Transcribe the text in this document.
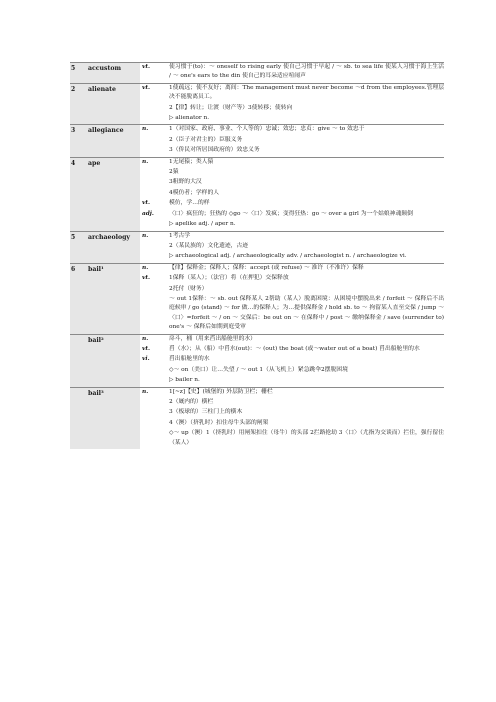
5	accustom	vt.	使习惯于(to)：～ oneself to rising early 使自己习惯于早起 / ～ sb. to sea life 使某人习惯于海上生活 / ～ one's ears to the din 使自己的耳朵适应喧闹声
2	alienate	vt.	1使疏远；使不友好；离间：The management must never become ～d from the employees.管理层决不能脱离员工。
2【律】转让；让渡（财产等）3使转移；使转向
▷ alienator n.
3	allegiance	n.	1（对国家、政府、事业、个人等的）忠诚；效忠；忠贞：give ～ to 效忠于
2（臣子对君主的）臣服义务
3（侨民对所居国政府的）效忠义务
4	ape	n.	1无尾猿；类人猿
2猿
3粗野的大汉
4模仿者；学样的人
vt.	模仿，学…的样
adj.	〈口〉疯狂的；狂热的 ◇go ～〈口〉发疯；变得狂热：go ～ over a girl 为一个姑娘神魂颠倒
▷ apelike adj. / aper n.
5	archaeology	n.	1考古学
2（某民族的）文化遗迹，古迹
▷ archaeological adj. / archaeologically adv. / archaeologist n. / archaeologize vi.
6	bail¹	n.	【律】保释金；保释人；保释：accept (或 refuse) ～ 准许（不准许）保释
vt.	1保释（某人）；（法官）将（在押犯）交保释放
2托付（财务）
～ out 1保释：～ sb. out 保释某人 2帮助（某人）脱离困境：从困境中摆脱出来 / forfeit ～ 保释后不出庭候审 / go (stand) ～ for 做…的保释人；为…提供保释金 / hold sb. to ～ 拘留某人直至交保 / jump ～〈口〉=forfeit ～ / on ～ 交保后：be out on ～ 在保释中 / post ～ 缴纳保释金 / save (surrender to) one's ～ 保释后如期到庭受审
bail²	n.	戽斗，桶（用来舀出船舱里的水）
vt.	舀（水）；从（船）中舀水(out)：～ (out) the boat (或～water out of a boat) 舀出船舱里的水
vi.	舀出船舱里的水
◇～ on（美口）让…失望 / ～ out 1（从飞机上）紧急跳伞2摆脱困境
▷ bailer n.
bail³	n.	1[~z]【史】(城堡的) 外层防卫栏；栅栏
2（厩内的）横栏
3（板球的）三柱门上的横木
4（澳）（挤乳时）扣住母牛头部的闸架
◇～ up（澳）1（挤乳时）用闸架扣住（母牛）的头部 2拦路抢劫 3〈口〉（尤指为交谈而）拦住，强行留住（某人）
